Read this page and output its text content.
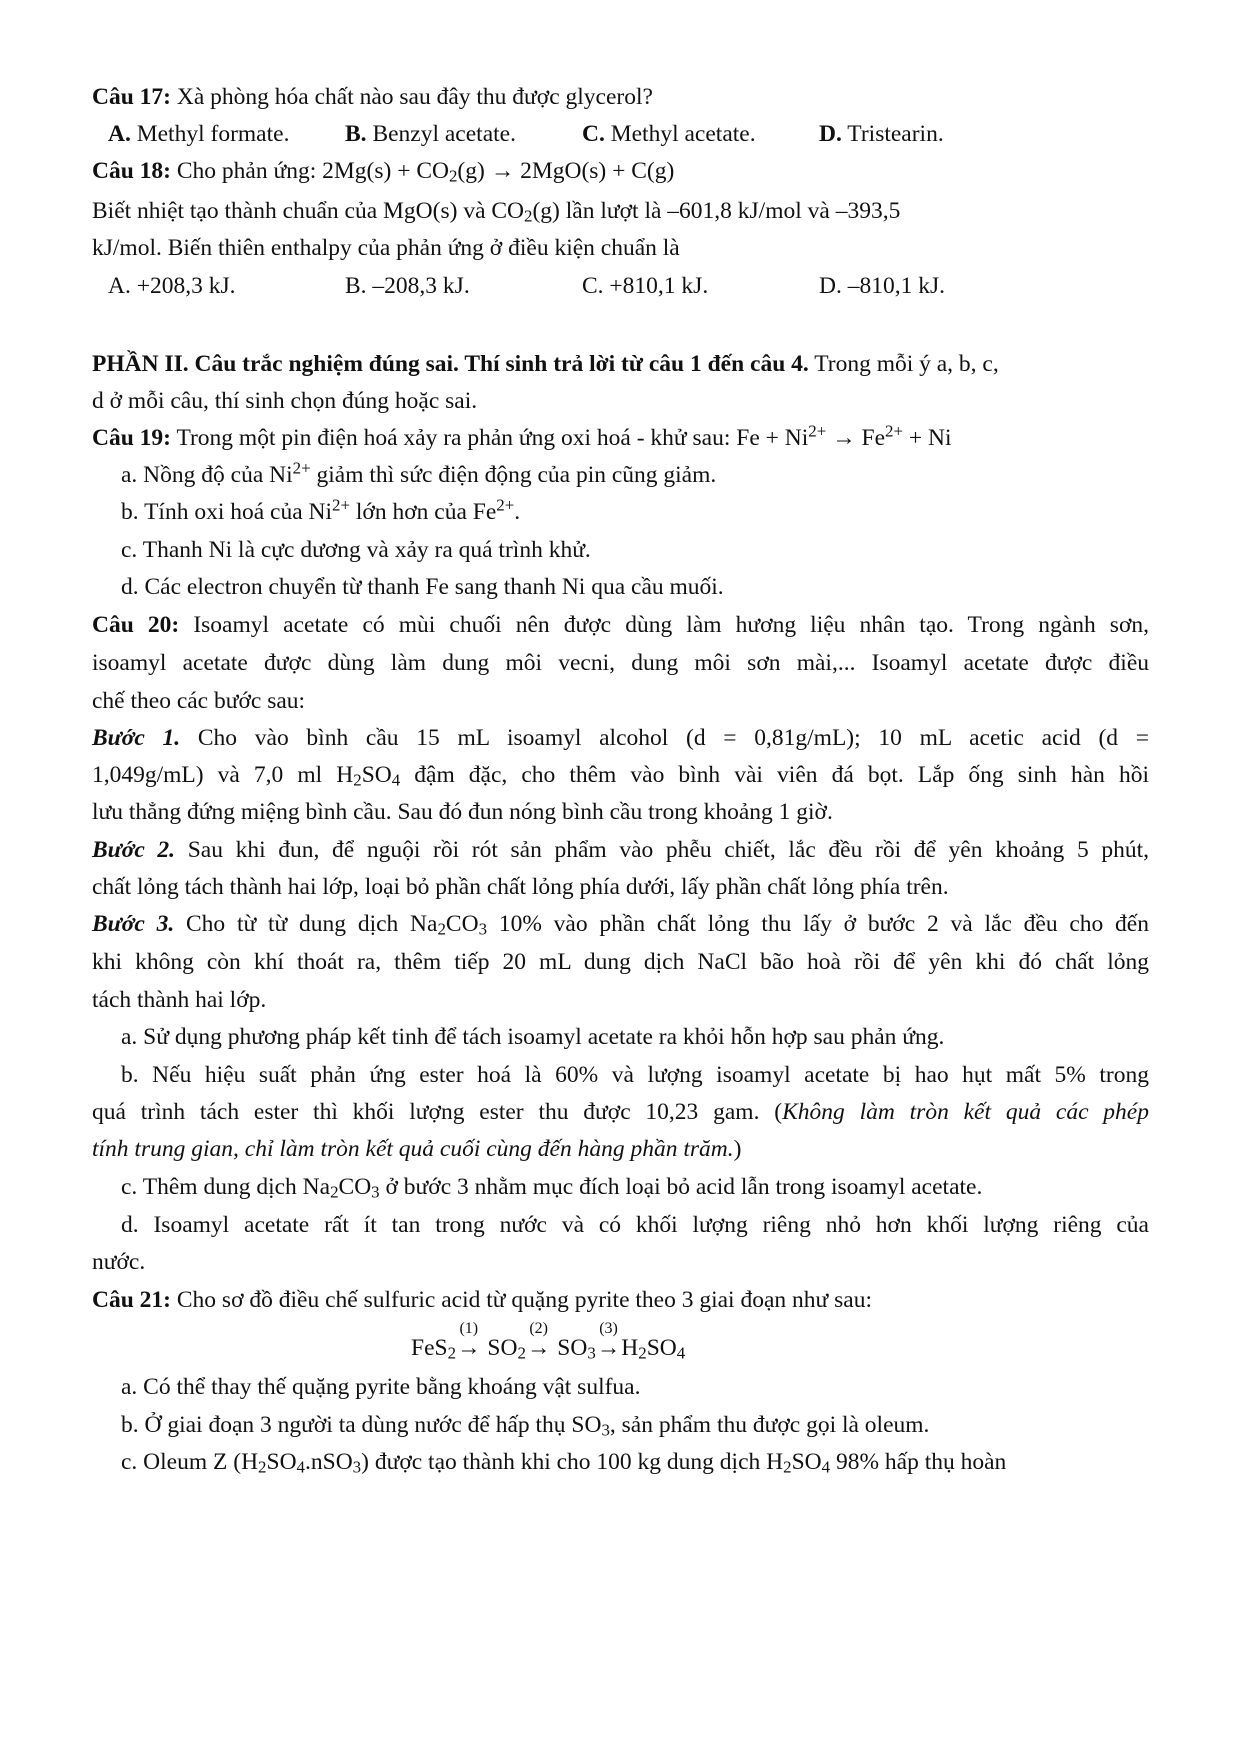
Câu 17: Xà phòng hóa chất nào sau đây thu được glycerol?
A. Methyl formate. B. Benzyl acetate.	C. Methyl acetate.	D. Tristearin.
Câu 18: Cho phản ứng: $2Mg(s) + CO_2(g) \to 2MgO(s) + C(g)$
Biết nhiệt tạo thành chuẩn của MgO(s) và $CO_2(g)$ lần lượt là –601,8 kJ/mol và –393,5
kJ/mol. Biến thiên enthalpy của phản ứng ở điều kiện chuẩn là
A. +208,3 kJ.	B. –208,3 kJ.	C. +810,1 kJ.	D. –810,1 kJ.
PHẦN II. Câu trắc nghiệm đúng sai. Thí sinh trả lời từ câu 1 đến câu 4. Trong mỗi ý a, b, c,
d ở mỗi câu, thí sinh chọn đúng hoặc sai.
Câu 19: Trong một pin điện hoá xảy ra phản ứng oxi hoá - khử sau: $Fe + Ni^{2+} \to Fe^{2+} + Ni$
a. Nồng độ của $Ni^{2+}$ giảm thì sức điện động của pin cũng giảm.
b. Tính oxi hoá của $Ni^{2+}$ lớn hơn của $Fe^{2+}$.
c. Thanh Ni là cực dương và xảy ra quá trình khử.
d. Các electron chuyển từ thanh Fe sang thanh Ni qua cầu muối.
Câu 20: Isoamyl acetate có mùi chuối nên được dùng làm hương liệu nhân tạo. Trong ngành sơn,
isoamyl acetate được dùng làm dung môi vecni, dung môi sơn mài,... Isoamyl acetate được điều
chế theo các bước sau:
Bước 1. Cho vào bình cầu 15 mL isoamyl alcohol (d = 0,81g/mL); 10 mL acetic acid (d =
1,049g/mL) và 7,0 ml $H_2SO_4$ đậm đặc, cho thêm vào bình vài viên đá bọt. Lắp ống sinh hàn hồi
lưu thẳng đứng miệng bình cầu. Sau đó đun nóng bình cầu trong khoảng 1 giờ.
Bước 2. Sau khi đun, để nguội rồi rót sản phẩm vào phễu chiết, lắc đều rồi để yên khoảng 5 phút,
chất lỏng tách thành hai lớp, loại bỏ phần chất lỏng phía dưới, lấy phần chất lỏng phía trên.
Bước 3. Cho từ từ dung dịch $Na_2CO_3$ 10% vào phần chất lỏng thu lấy ở bước 2 và lắc đều cho đến
khi không còn khí thoát ra, thêm tiếp 20 mL dung dịch NaCl bão hoà rồi để yên khi đó chất lỏng
tách thành hai lớp.
a. Sử dụng phương pháp kết tinh để tách isoamyl acetate ra khỏi hỗn hợp sau phản ứng.
b. Nếu hiệu suất phản ứng ester hoá là 60% và lượng isoamyl acetate bị hao hụt mất 5% trong
quá trình tách ester thì khối lượng ester thu được 10,23 gam. (Không làm tròn kết quả các phép
tính trung gian, chỉ làm tròn kết quả cuối cùng đến hàng phần trăm.)
c. Thêm dung dịch $Na_2CO_3$ ở bước 3 nhằm mục đích loại bỏ acid lẫn trong isoamyl acetate.
d. Isoamyl acetate rất ít tan trong nước và có khối lượng riêng nhỏ hơn khối lượng riêng của
nước.
Câu 21: Cho sơ đồ điều chế sulfuric acid từ quặng pyrite theo 3 giai đoạn như sau:
FeS$_2$
(1)
→ $SO_2$
(2)
→ $SO_3$
(3)
$\to H_2SO_4$
a. Có thể thay thế quặng pyrite bằng khoáng vật sulfua.
b. Ở giai đoạn 3 người ta dùng nước để hấp thụ $SO_3$, sản phẩm thu được gọi là oleum.
c. Oleum Z $(H_2SO_4.nSO_3)$ được tạo thành khi cho 100 kg dung dịch $H_2SO_4$ 98% hấp thụ hoàn
